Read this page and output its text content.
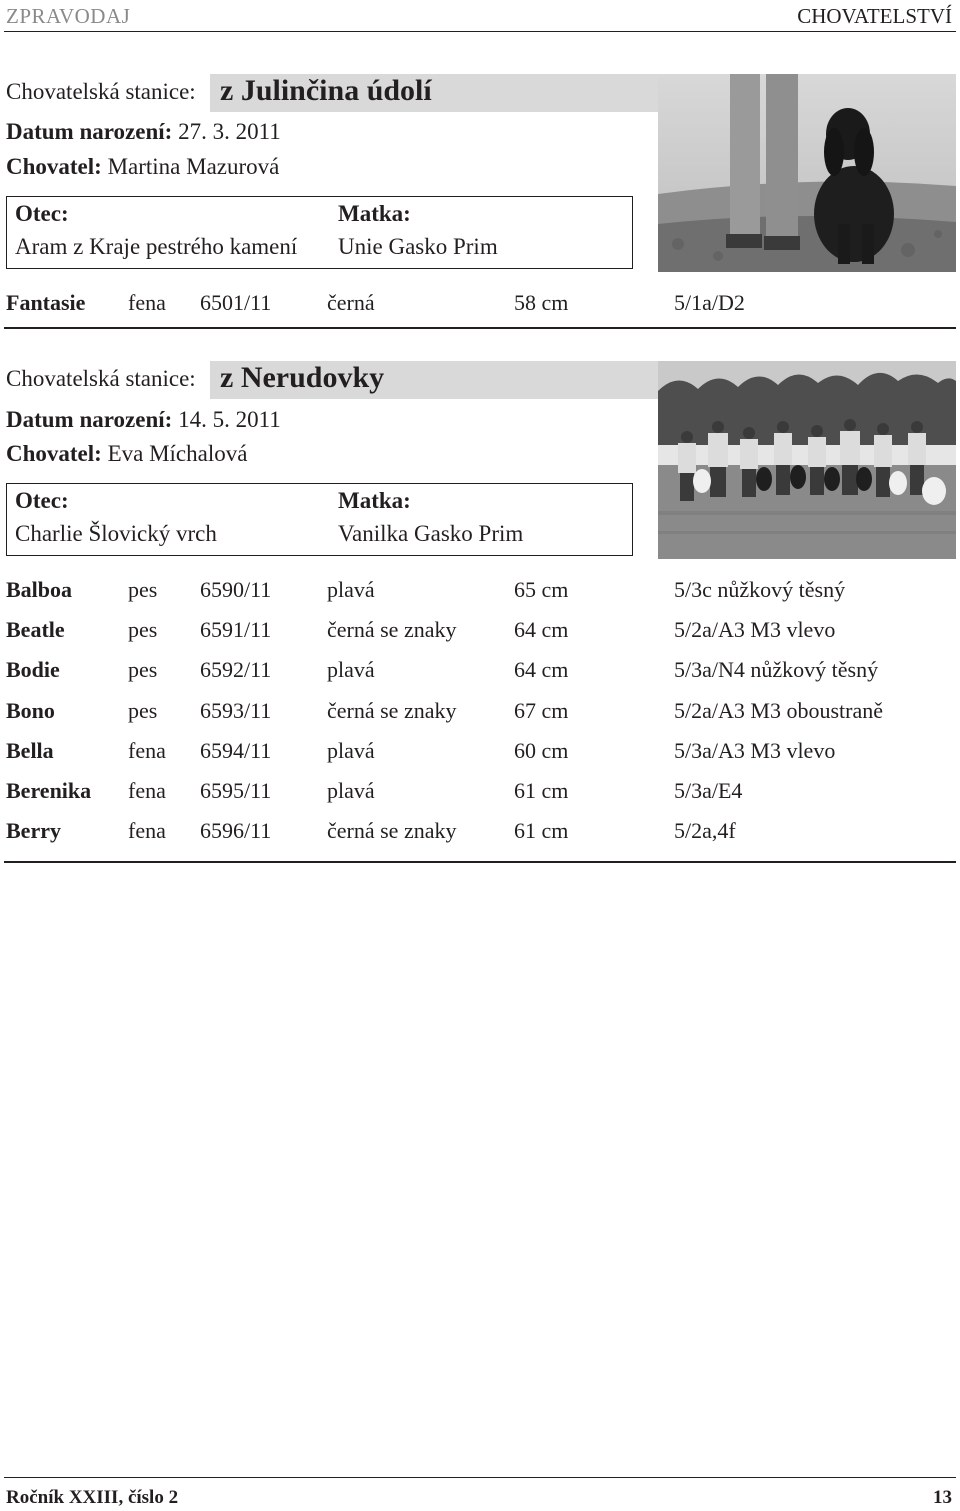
ZPRAVODAJ	CHOVATELSTVÍ
Chovatelská stanice: z Julinčina údolí
Datum narození: 27. 3. 2011
Chovatel: Martina Mazurová
Otec:
Aram z Kraje pestrého kamení
Matka:
Unie Gasko Prim
Fantasie fena 6501/11	černá	58 cm	5/1a/D2
Chovatelská stanice: z Nerudovky
Datum narození: 14. 5. 2011
Chovatel: Eva Míchalová
Otec:
Charlie Šlovický vrch
Matka:
Vanilka Gasko Prim
Balboa	pes 6590/11	plavá	65 cm	5/3c nůžkový těsný
Beatle	pes 6591/11	černá se znaky	64 cm	5/2a/A3 M3 vlevo
Bodie	pes 6592/11	plavá	64 cm	5/3a/N4 nůžkový těsný
Bono	pes 6593/11	černá se znaky	67 cm	5/2a/A3 M3 oboustraně
Bella	fena 6594/11	plavá	60 cm	5/3a/A3 M3 vlevo
Berenika fena 6595/11	plavá	61 cm	5/3a/E4
Berry	fena 6596/11	černá se znaky	61 cm	5/2a,4f
Ročník XXIII, číslo 2	13
